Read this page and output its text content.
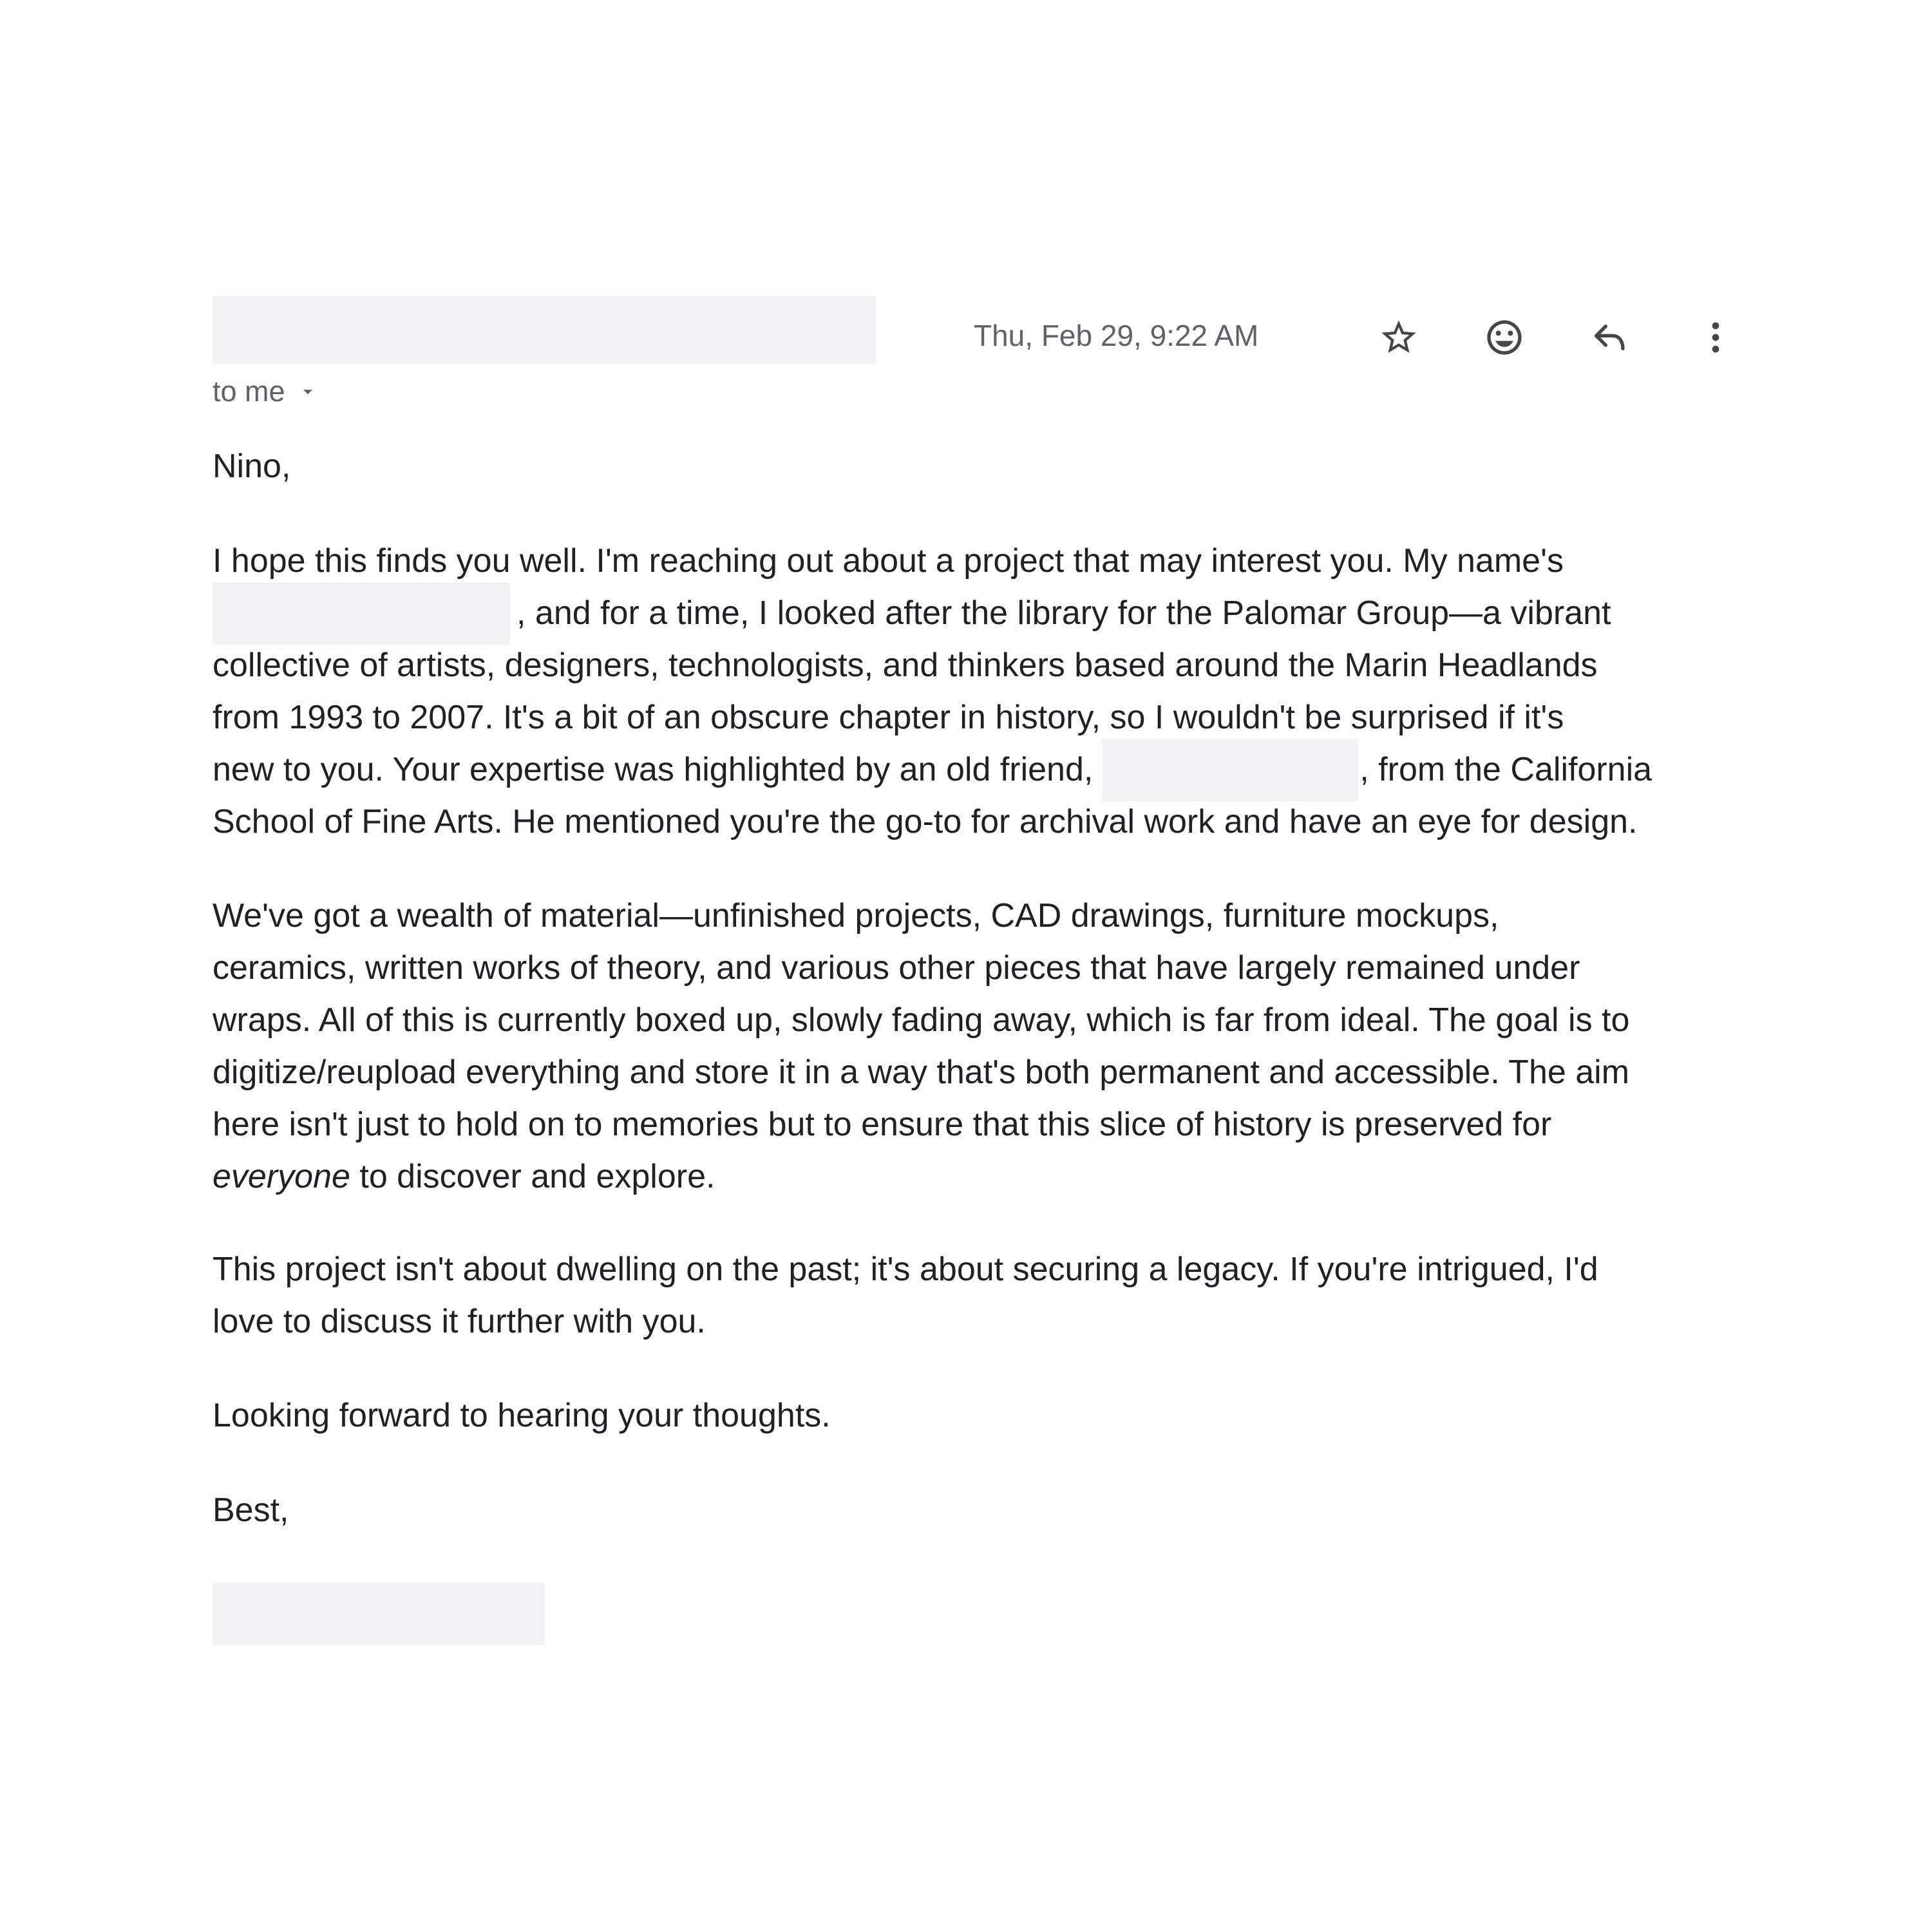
to me
Thu, Feb 29, 9:22 AM
Nino,
I hope this finds you well. I'm reaching out about a project that may interest you. My name's
, and for a time, I looked after the library for the Palomar Group—a vibrant
collective of artists, designers, technologists, and thinkers based around the Marin Headlands
from 1993 to 2007. It's a bit of an obscure chapter in history, so I wouldn't be surprised if it's
new to you. Your expertise was highlighted by an old friend,	, from the California
School of Fine Arts. He mentioned you're the go-to for archival work and have an eye for design.
We've got a wealth of material—unfinished projects, CAD drawings, furniture mockups,
ceramics, written works of theory, and various other pieces that have largely remained under
wraps. All of this is currently boxed up, slowly fading away, which is far from ideal. The goal is to
digitize/reupload everything and store it in a way that's both permanent and accessible. The aim
here isn't just to hold on to memories but to ensure that this slice of history is preserved for
everyone to discover and explore.
This project isn't about dwelling on the past; it's about securing a legacy. If you're intrigued, I'd
love to discuss it further with you.
Looking forward to hearing your thoughts.
Best,
